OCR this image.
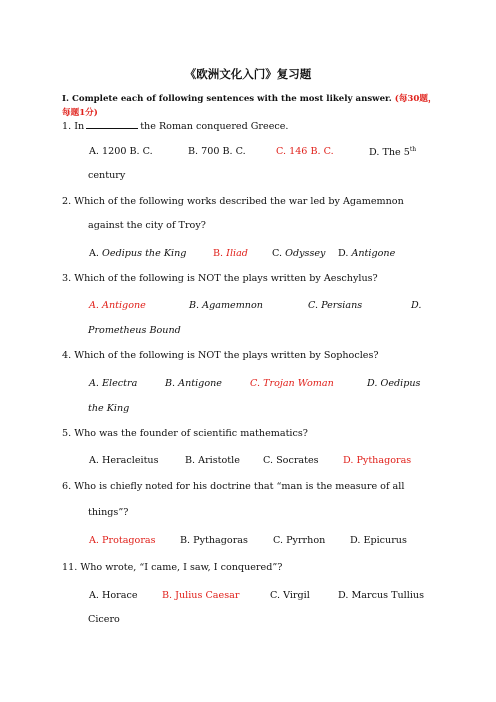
《欧洲文化入门》复习题
I. Complete each of following sentences with the most likely answer. (每30题，每题1分)
1. In	the Roman conquered Greece.
A. 1200 B. C.	B. 700 B. C.	C. 146 B. C.	D. The 5th
century
2. Which of the following works described the war led by Agamemnon
against the city of Troy?
A. Oedipus the King	B. Iliad	C. Odyssey D. Antigone
3. Which of the following is NOT the plays written by Aeschylus?
A. Antigone	B. Agamemnon	C. Persians	D.
Prometheus Bound
4. Which of the following is NOT the plays written by Sophocles?
A. Electra	B. Antigone	C. Trojan Woman	D. Oedipus
the King
5. Who was the founder of scientific mathematics?
A. Heracleitus	B. Aristotle C. Socrates	D. Pythagoras
6. Who is chiefly noted for his doctrine that “man is the measure of all
things”?
A. Protagoras	B. Pythagoras	C. Pyrrhon	D. Epicurus
11. Who wrote, “I came, I saw, I conquered”?
A. Horace	B. Julius Caesar	C. Virgil	D. Marcus Tullius
Cicero
